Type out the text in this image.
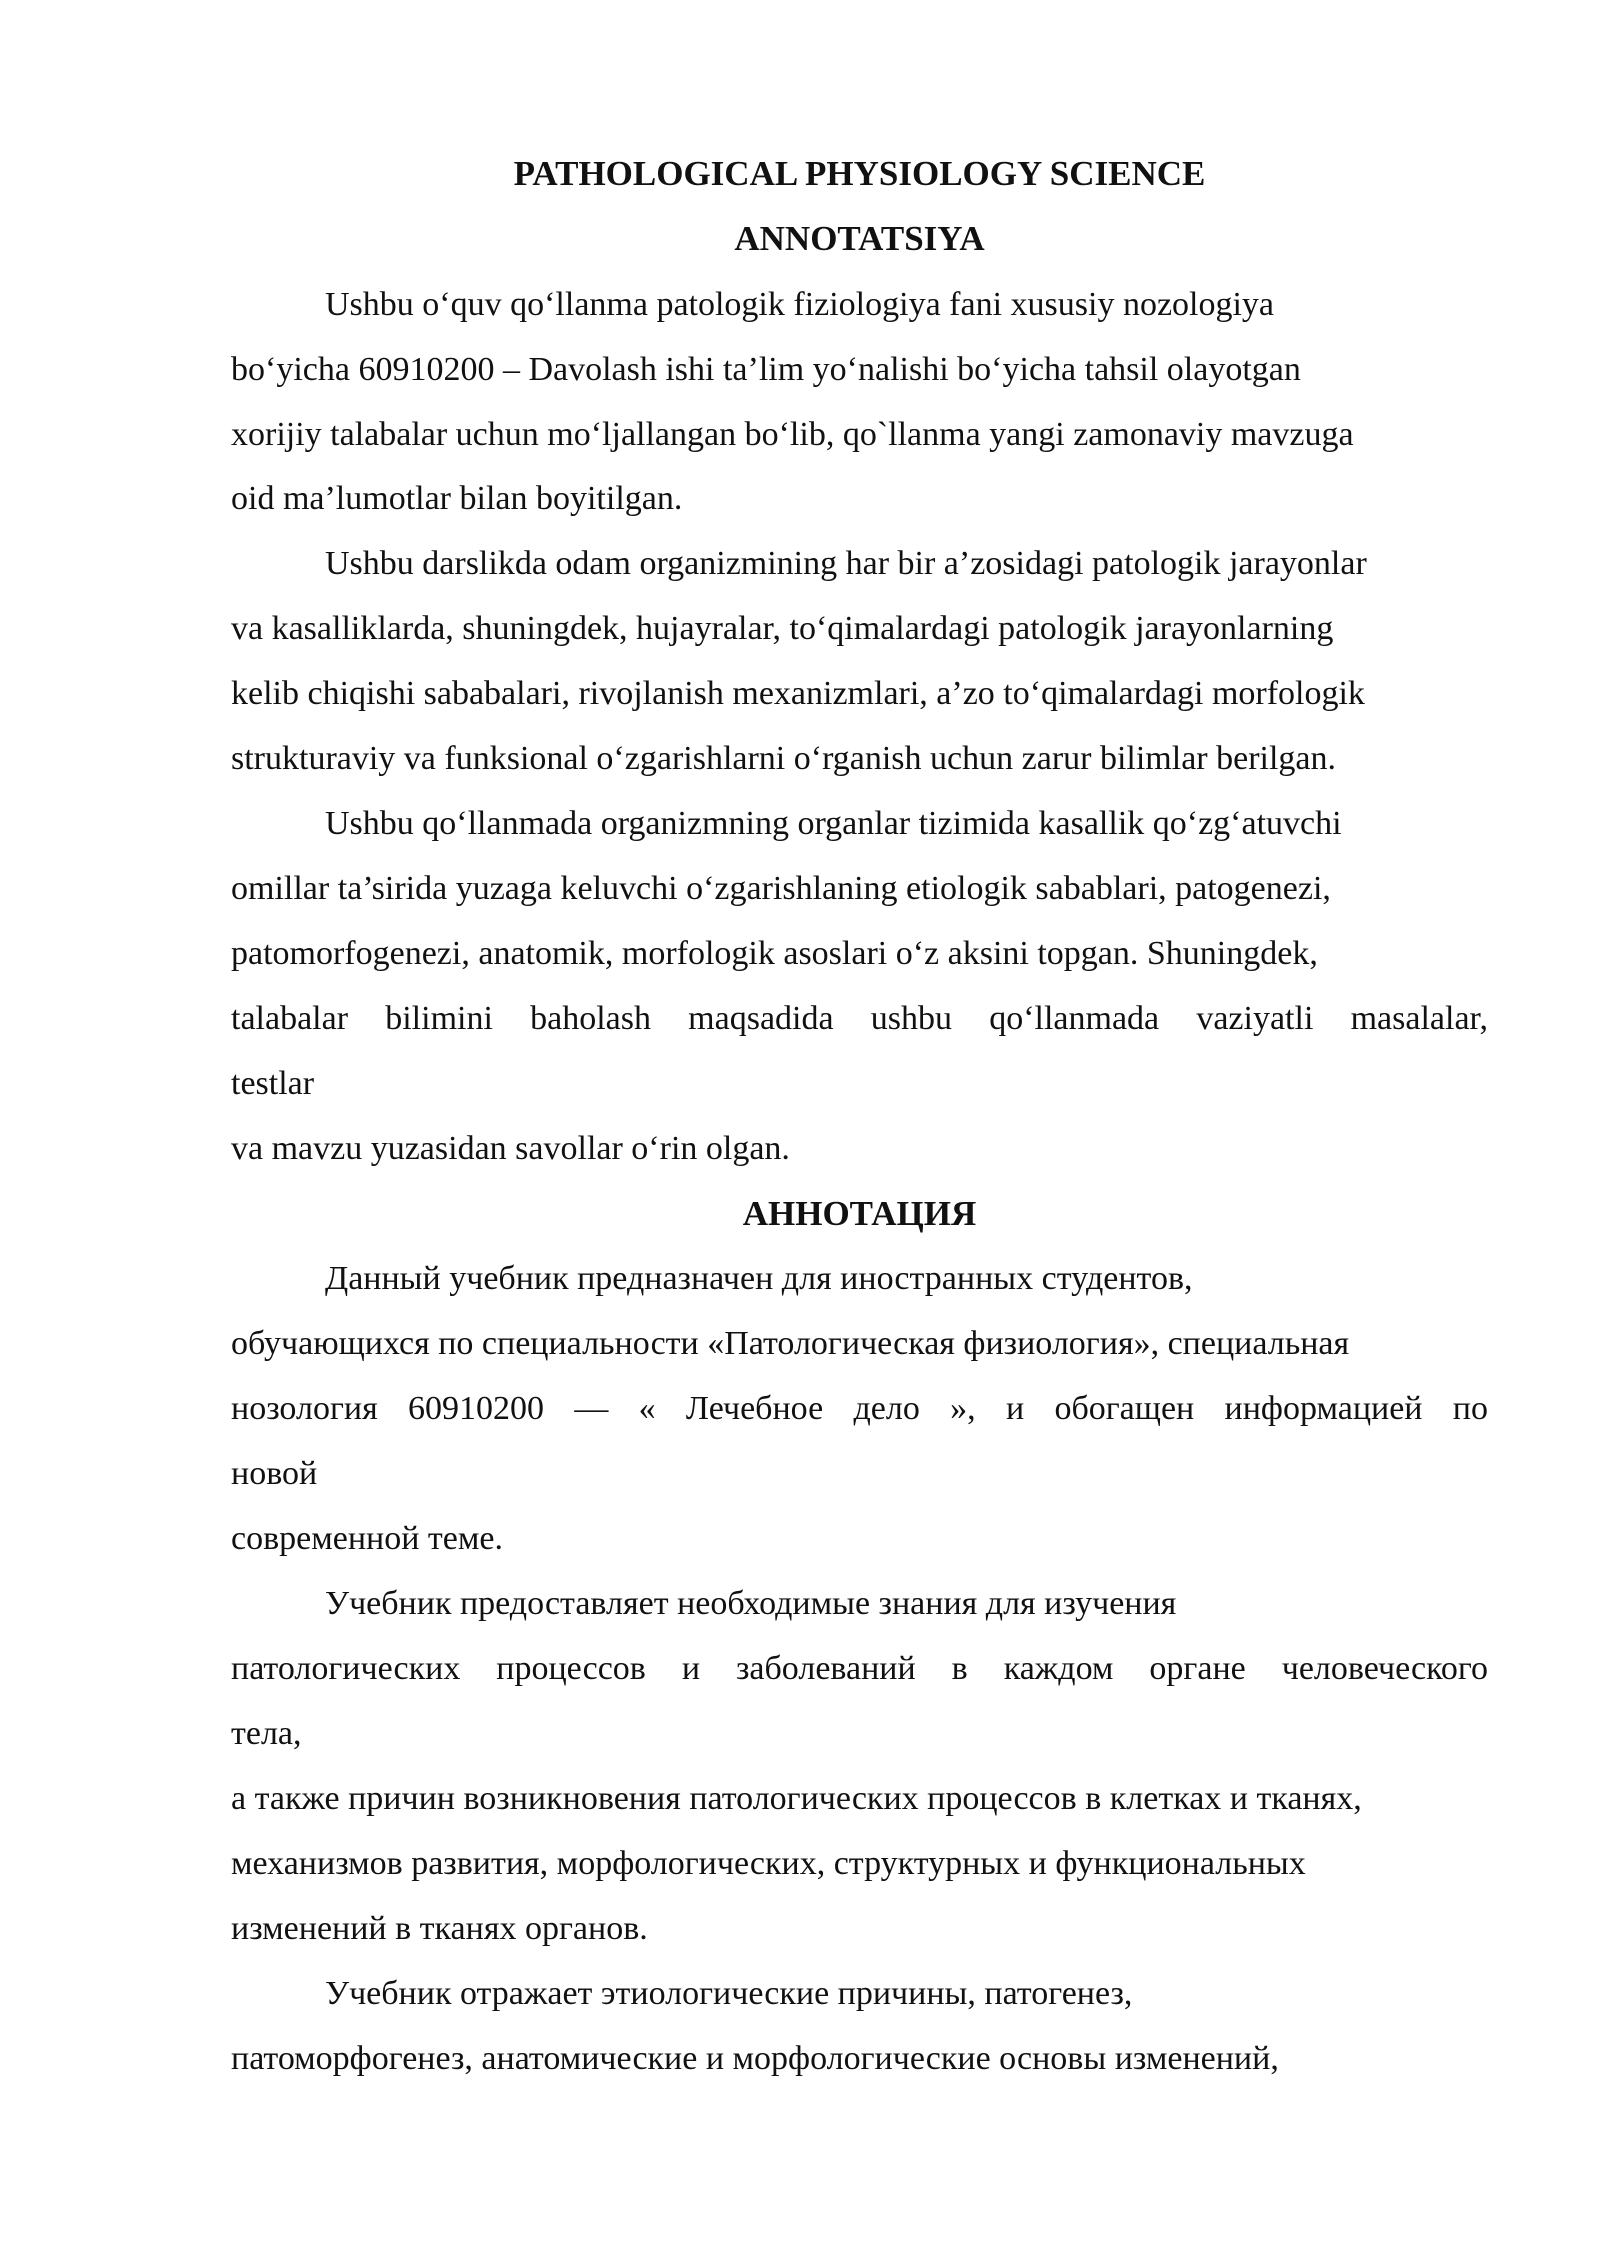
PATHOLOGICAL PHYSIOLOGY SCIENCE
ANNOTATSIYA
Ushbu o‘quv qo‘llanma patologik fiziologiya fani xususiy nozologiya
bo‘yicha 60910200 – Davolash ishi ta’lim yo‘nalishi bo‘yicha tahsil olayotgan
xorijiy talabalar uchun mo‘ljallangan bo‘lib, qo`llanma yangi zamonaviy mavzuga
oid ma’lumotlar bilan boyitilgan.
Ushbu darslikda odam organizmining har bir a’zosidagi patologik jarayonlar
va kasalliklarda, shuningdek, hujayralar, to‘qimalardagi patologik jarayonlarning
kelib chiqishi sababalari, rivojlanish mexanizmlari, a’zo to‘qimalardagi morfologik
strukturaviy va funksional o‘zgarishlarni o‘rganish uchun zarur bilimlar berilgan.
Ushbu qo‘llanmada organizmning organlar tizimida kasallik qo‘zg‘atuvchi
omillar ta’sirida yuzaga keluvchi o‘zgarishlaning etiologik sabablari, patogenezi,
patomorfogenezi, anatomik, morfologik asoslari o‘z aksini topgan. Shuningdek,
talabalar bilimini baholash maqsadida ushbu qo‘llanmada vaziyatli masalalar,
testlar
va mavzu yuzasidan savollar o‘rin olgan.
АННОТАЦИЯ
Данный учебник предназначен для иностранных студентов,
обучающихся по специальности «Патологическая физиология», специальная
нозология 60910200 — « Лечебное дело », и обогащен информацией по
новой
современной теме.
Учебник предоставляет необходимые знания для изучения
патологических процессов и заболеваний в каждом органе человеческого
тела,
а также причин возникновения патологических процессов в клетках и тканях,
механизмов развития, морфологических, структурных и функциональных
изменений в тканях органов.
Учебник отражает этиологические причины, патогенез,
патоморфогенез, анатомические и морфологические основы изменений,
